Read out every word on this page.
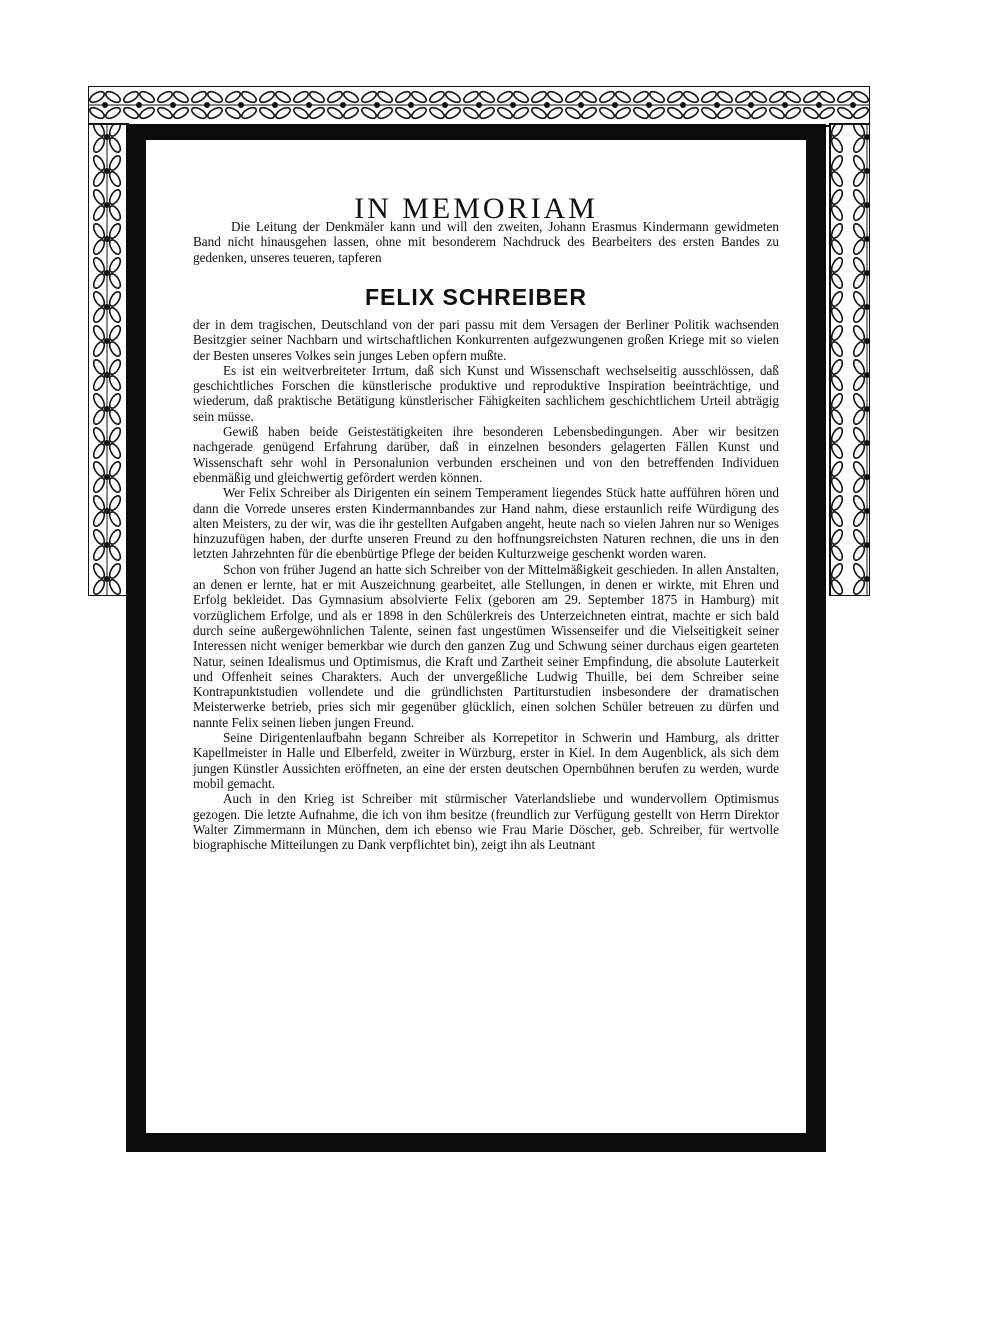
IN MEMORIAM

Die Leitung der Denkmäler kann und will den zweiten, Johann Erasmus Kindermann gewidmeten Band nicht hinausgehen lassen, ohne mit besonderem Nachdruck des Bearbeiters des ersten Bandes zu gedenken, unseres teueren, tapferen

FELIX SCHREIBER

der in dem tragischen, Deutschland von der pari passu mit dem Versagen der Berliner Politik wachsenden Besitzgier seiner Nachbarn und wirtschaftlichen Konkurrenten aufgezwungenen großen Kriege mit so vielen der Besten unseres Volkes sein junges Leben opfern mußte.

Es ist ein weitverbreiteter Irrtum, daß sich Kunst und Wissenschaft wechselseitig ausschlössen, daß geschichtliches Forschen die künstlerische produktive und reproduktive Inspiration beeinträchtige, und wiederum, daß praktische Betätigung künstlerischer Fähigkeiten sachlichem geschichtlichem Urteil abträgig sein müsse.

Gewiß haben beide Geistestätigkeiten ihre besonderen Lebensbedingungen. Aber wir besitzen nachgerade genügend Erfahrung darüber, daß in einzelnen besonders gelagerten Fällen Kunst und Wissenschaft sehr wohl in Personalunion verbunden erscheinen und von den betreffenden Individuen ebenmäßig und gleichwertig gefördert werden können.

Wer Felix Schreiber als Dirigenten ein seinem Temperament liegendes Stück hatte aufführen hören und dann die Vorrede unseres ersten Kindermannbandes zur Hand nahm, diese erstaunlich reife Würdigung des alten Meisters, zu der wir, was die ihr gestellten Aufgaben angeht, heute nach so vielen Jahren nur so Weniges hinzuzufügen haben, der durfte unseren Freund zu den hoffnungsreichsten Naturen rechnen, die uns in den letzten Jahrzehnten für die ebenbürtige Pflege der beiden Kulturzweige geschenkt worden waren.

Schon von früher Jugend an hatte sich Schreiber von der Mittelmäßigkeit geschieden. In allen Anstalten, an denen er lernte, hat er mit Auszeichnung gearbeitet, alle Stellungen, in denen er wirkte, mit Ehren und Erfolg bekleidet. Das Gymnasium absolvierte Felix (geboren am 29. September 1875 in Hamburg) mit vorzüglichem Erfolge, und als er 1898 in den Schülerkreis des Unterzeichneten eintrat, machte er sich bald durch seine außergewöhnlichen Talente, seinen fast ungestümen Wissenseifer und die Vielseitigkeit seiner Interessen nicht weniger bemerkbar wie durch den ganzen Zug und Schwung seiner durchaus eigen gearteten Natur, seinen Idealismus und Optimismus, die Kraft und Zartheit seiner Empfindung, die absolute Lauterkeit und Offenheit seines Charakters. Auch der unvergeßliche Ludwig Thuille, bei dem Schreiber seine Kontrapunktstudien vollendete und die gründlichsten Partiturstudien insbesondere der dramatischen Meisterwerke betrieb, pries sich mir gegenüber glücklich, einen solchen Schüler betreuen zu dürfen und nannte Felix seinen lieben jungen Freund.

Seine Dirigentenlaufbahn begann Schreiber als Korrepetitor in Schwerin und Hamburg, als dritter Kapellmeister in Halle und Elberfeld, zweiter in Würzburg, erster in Kiel. In dem Augenblick, als sich dem jungen Künstler Aussichten eröffneten, an eine der ersten deutschen Opernbühnen berufen zu werden, wurde mobil gemacht.

Auch in den Krieg ist Schreiber mit stürmischer Vaterlandsliebe und wundervollem Optimismus gezogen. Die letzte Aufnahme, die ich von ihm besitze (freundlich zur Verfügung gestellt von Herrn Direktor Walter Zimmermann in München, dem ich ebenso wie Frau Marie Döscher, geb. Schreiber, für wertvolle biographische Mitteilungen zu Dank verpflichtet bin), zeigt ihn als Leutnant
